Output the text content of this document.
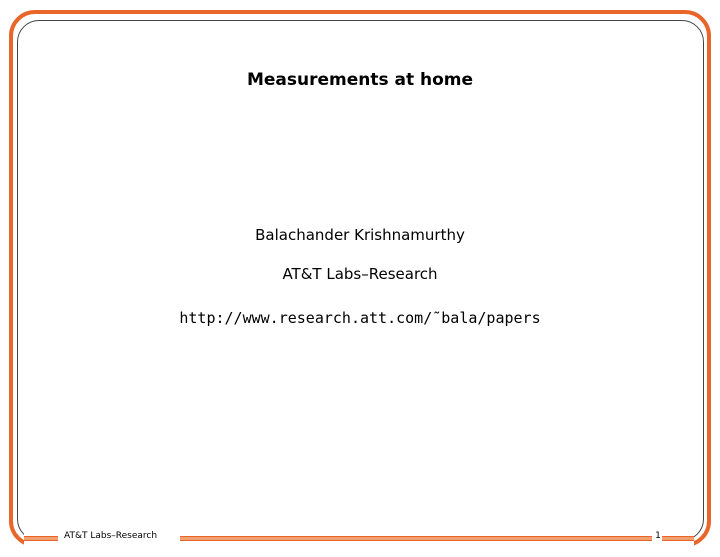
Measurements at home
Balachander Krishnamurthy
AT&T Labs–Research
http://www.research.att.com/˜bala/papers
AT&T Labs–Research	1
